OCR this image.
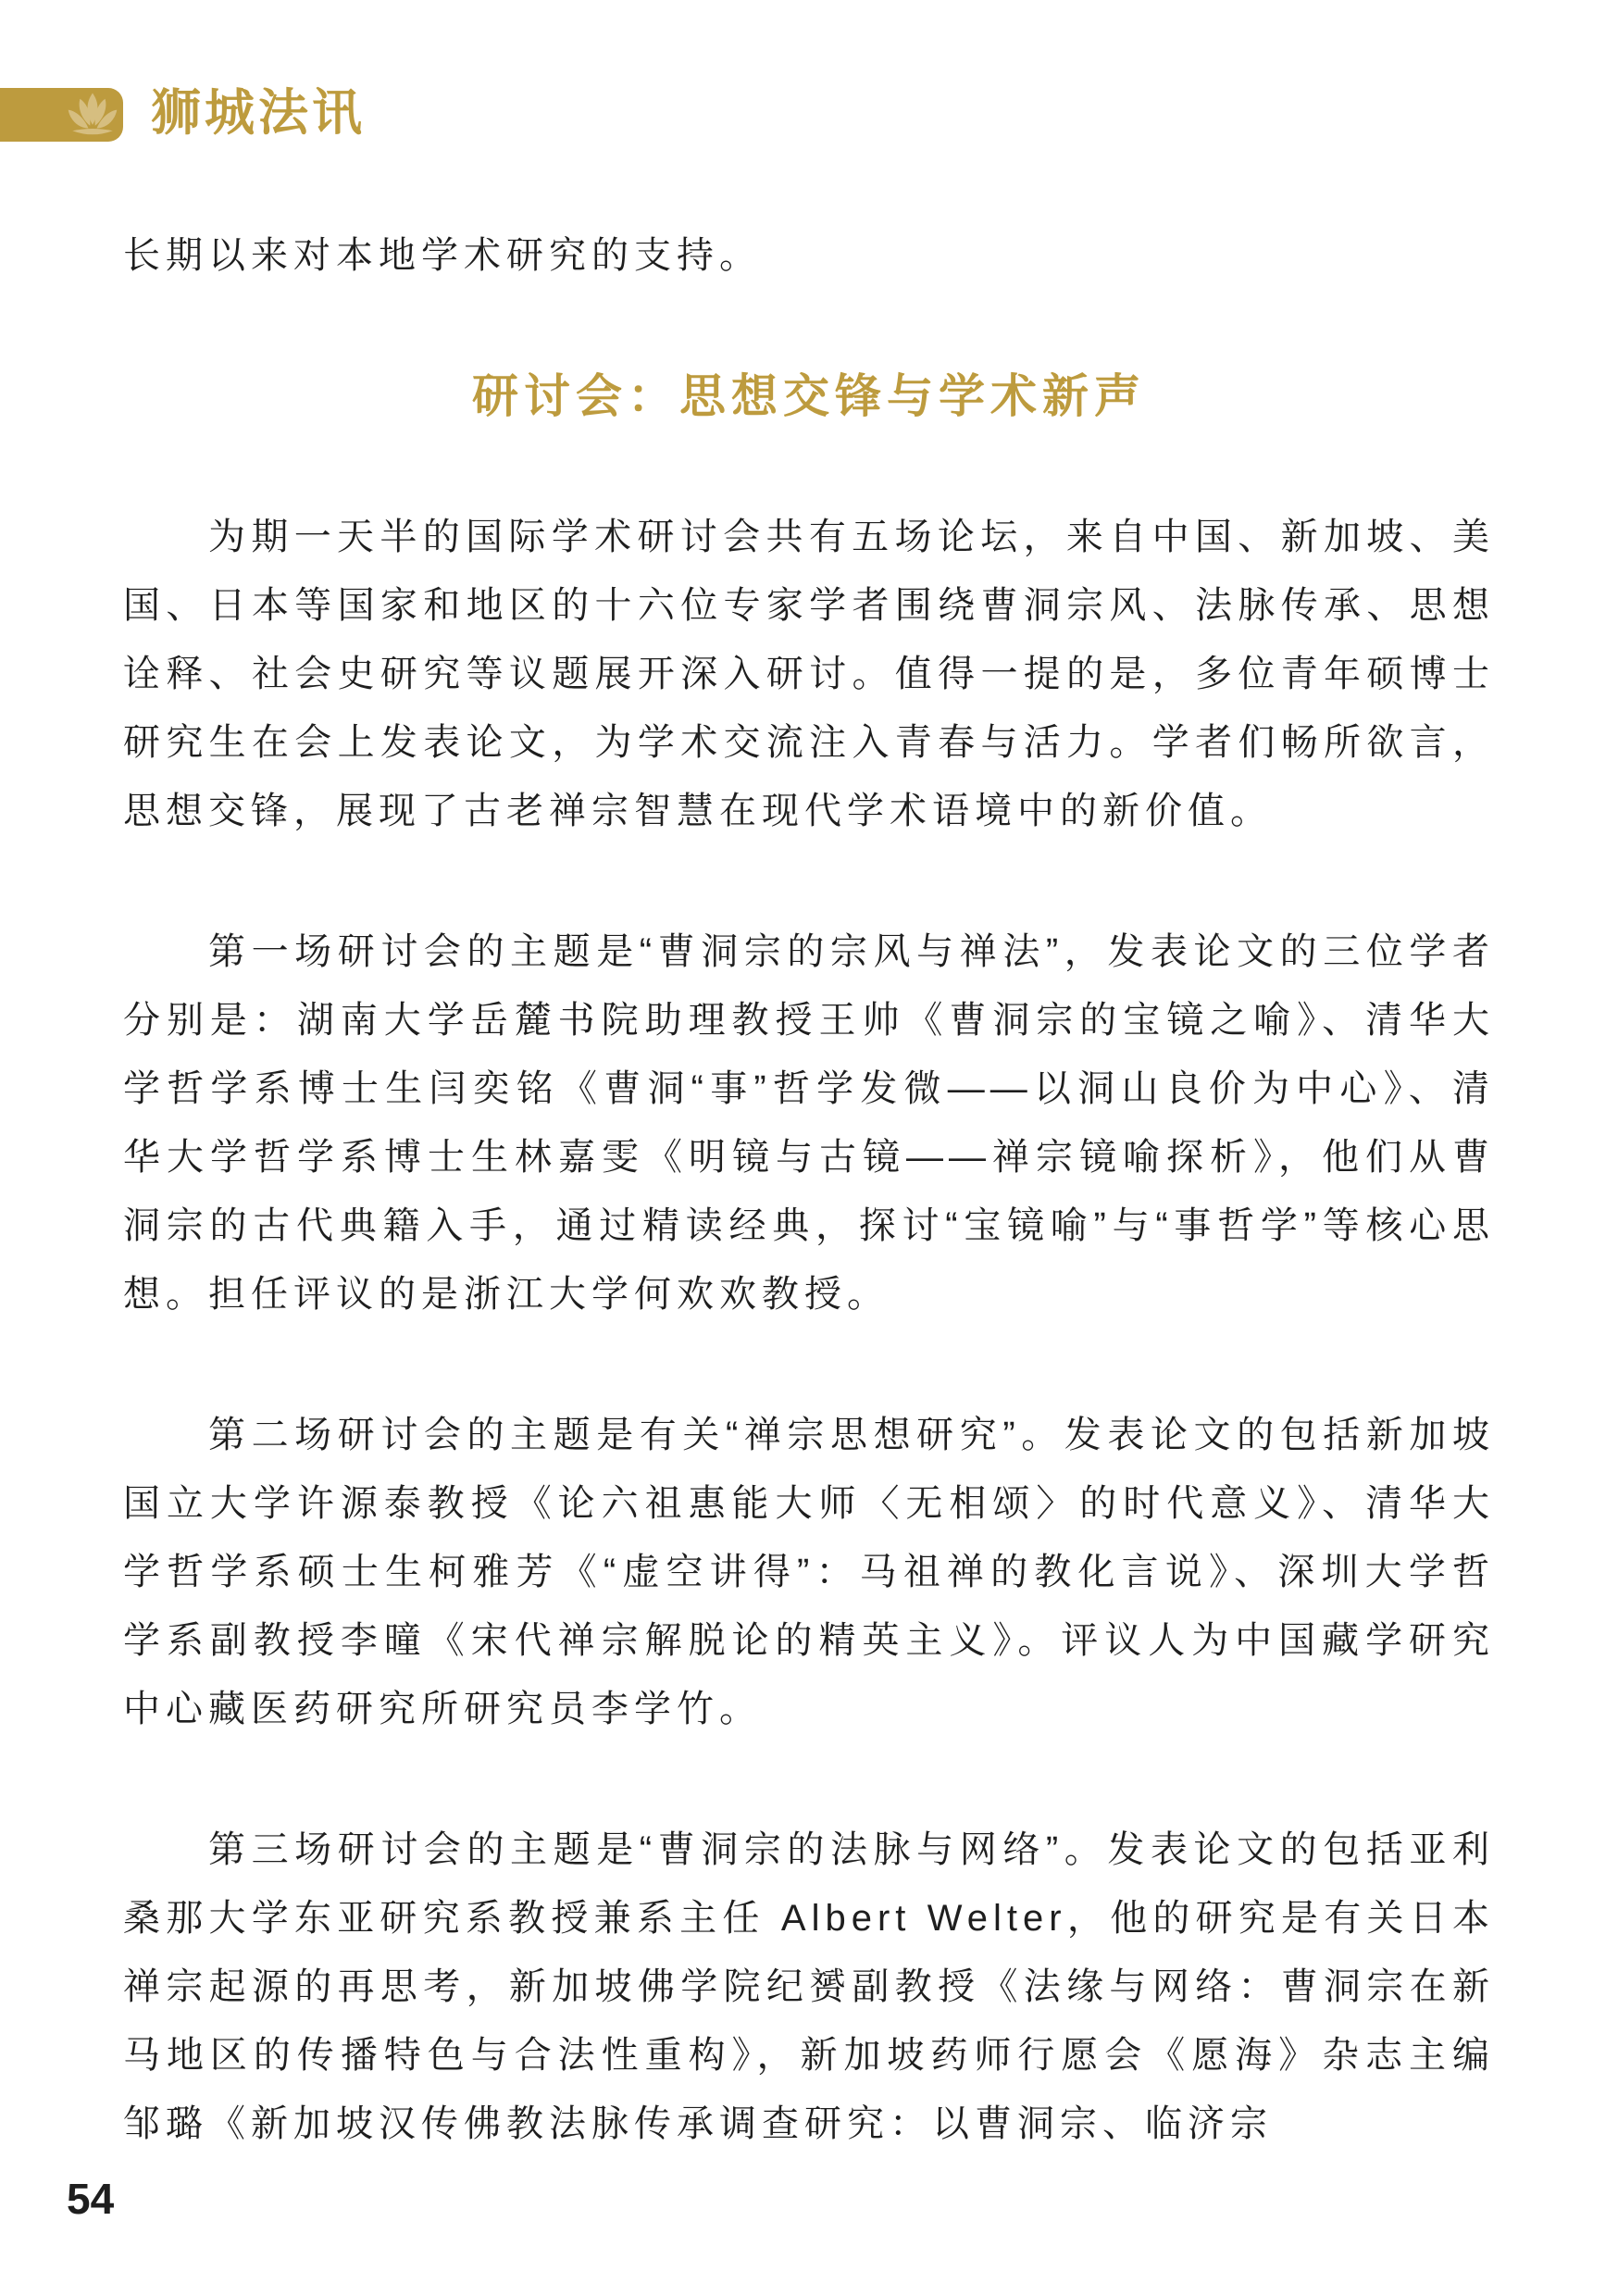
狮城法讯

长期以来对本地学术研究的支持。

研讨会：思想交锋与学术新声

为期一天半的国际学术研讨会共有五场论坛，来自中国、新加坡、美国、日本等国家和地区的十六位专家学者围绕曹洞宗风、法脉传承、思想诠释、社会史研究等议题展开深入研讨。值得一提的是，多位青年硕博士研究生在会上发表论文，为学术交流注入青春与活力。学者们畅所欲言，思想交锋，展现了古老禅宗智慧在现代学术语境中的新价值。

第一场研讨会的主题是“曹洞宗的宗风与禅法”，发表论文的三位学者分别是：湖南大学岳麓书院助理教授王帅《曹洞宗的宝镜之喻》、清华大学哲学系博士生闫奕铭《曹洞“事”哲学发微——以洞山良价为中心》、清华大学哲学系博士生林嘉雯《明镜与古镜——禅宗镜喻探析》，他们从曹洞宗的古代典籍入手，通过精读经典，探讨“宝镜喻”与“事哲学”等核心思想。担任评议的是浙江大学何欢欢教授。

第二场研讨会的主题是有关“禅宗思想研究”。发表论文的包括新加坡国立大学许源泰教授《论六祖惠能大师〈无相颂〉的时代意义》、清华大学哲学系硕士生柯雅芳《“虚空讲得”：马祖禅的教化言说》、深圳大学哲学系副教授李曈《宋代禅宗解脱论的精英主义》。评议人为中国藏学研究中心藏医药研究所研究员李学竹。

第三场研讨会的主题是“曹洞宗的法脉与网络”。发表论文的包括亚利桑那大学东亚研究系教授兼系主任 Albert Welter，他的研究是有关日本禅宗起源的再思考，新加坡佛学院纪赟副教授《法缘与网络：曹洞宗在新马地区的传播特色与合法性重构》，新加坡药师行愿会《愿海》杂志主编邹璐《新加坡汉传佛教法脉传承调查研究：以曹洞宗、临济宗

54
